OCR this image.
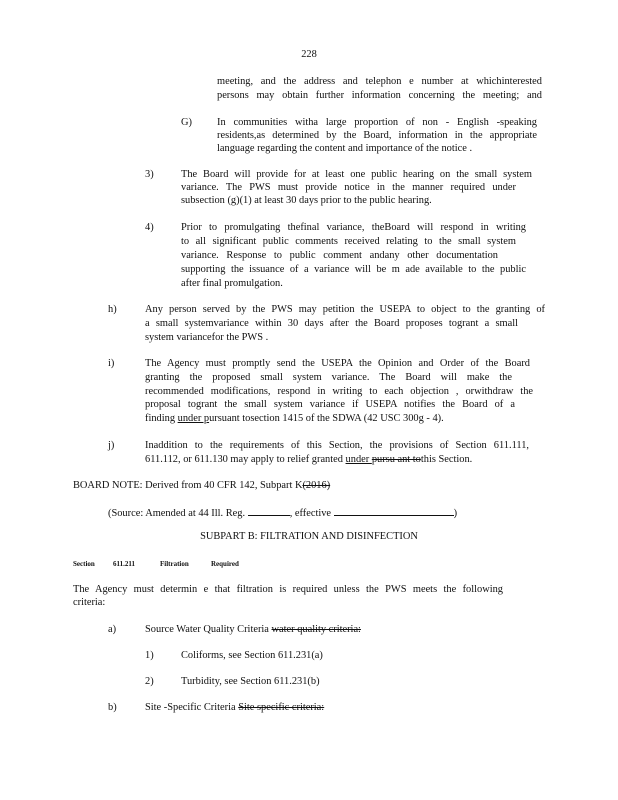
228
meeting, and the address and telephon e number at whichinterested
persons may obtain further information concerning the meeting; and
G) In communities witha large proportion of non - English -speaking
residents,as determined by the Board, information in the appropriate
language regarding the content and importance of the notice .
3)	The Board will provide for at least one public hearing on the small system
variance. The PWS must provide notice in the manner required under
subsection (g)(1) at least 30 days prior to the public hearing.
4)	Prior to promulgating thefinal variance, theBoard will respond in writing
to all significant public comments received relating to the small system
variance. Response to public comment andany other documentation
supporting the issuance of a variance will be m ade available to the public
after final promulgation.
h)	Any person served by the PWS may petition the USEPA to object to the granting of
a small systemvariance within 30 days after the Board proposes togrant a small
system variancefor the PWS .
i)	The Agency must promptly send the USEPA the Opinion and Order of the Board
granting the proposed small system variance. The Board will make the
recommended modifications, respond in writing to each objection , orwithdraw the
proposal togrant the small system variance if USEPA notifies the Board of a
finding under pursuant tosection 1415 of the SDWA (42 USC 300g - 4).
j)	Inaddition to the requirements of this Section, the provisions of Section 611.111,
611.112, or 611.130 may apply to relief granted under pursu ant tothis Section.
BOARD NOTE: Derived from 40 CFR 142, Subpart K(2016)
(Source: Amended at 44 Ill. Reg.	, effective	)
SUBPART B: FILTRATION AND DISINFECTION
Section	611.211	Filtration	Required
The Agency must determin e that filtration is required unless the PWS meets the following
criteria:
a)	Source Water Quality Criteria water quality criteria:
1)	Coliforms, see Section 611.231(a)
2)	Turbidity, see Section 611.231(b)
b)	Site -Specific Criteria Site specific criteria:
